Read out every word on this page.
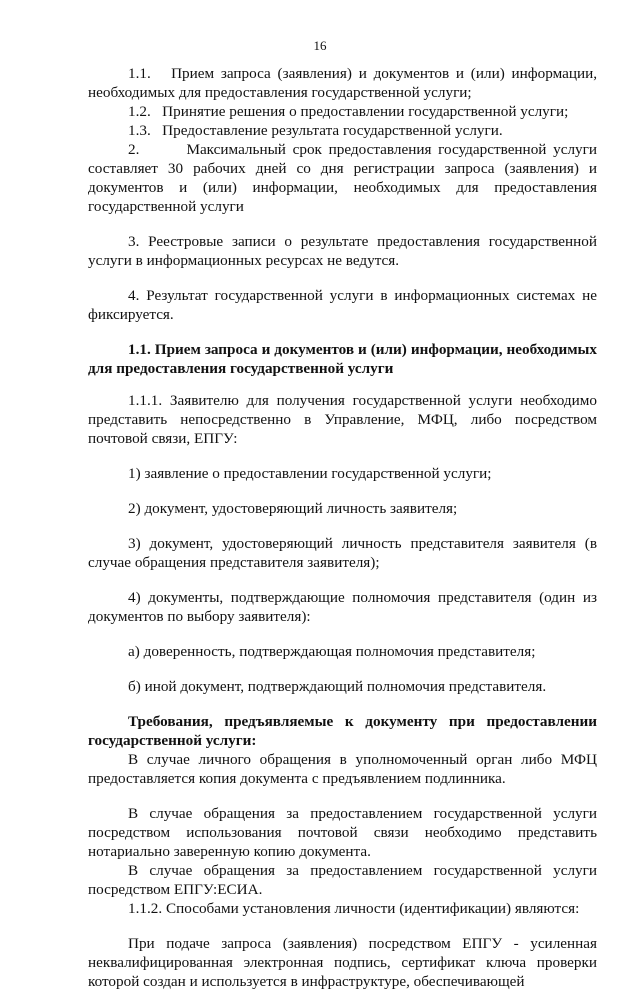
16

1.1.   Прием запроса (заявления) и документов и (или) информации, необходимых для предоставления государственной услуги;

1.2.   Принятие решения о предоставлении государственной услуги;

1.3.   Предоставление результата государственной услуги.

2.       Максимальный срок предоставления государственной услуги составляет 30 рабочих дней со дня регистрации запроса (заявления) и документов и (или) информации, необходимых для предоставления государственной услуги

3. Реестровые записи о результате предоставления государственной услуги в информационных ресурсах не ведутся.

4. Результат государственной услуги в информационных системах не фиксируется.

1.1. Прием запроса и документов и (или) информации, необходимых для предоставления государственной услуги

1.1.1. Заявителю для получения государственной услуги необходимо представить непосредственно в Управление, МФЦ, либо посредством почтовой связи, ЕПГУ:

1) заявление о предоставлении государственной услуги;

2) документ, удостоверяющий личность заявителя;

3) документ, удостоверяющий личность представителя заявителя (в случае обращения представителя заявителя);

4) документы, подтверждающие полномочия представителя (один из документов по выбору заявителя):

а) доверенность, подтверждающая полномочия представителя;

б) иной документ, подтверждающий полномочия представителя.

Требования, предъявляемые к документу при предоставлении государственной услуги:

В случае личного обращения в уполномоченный орган либо МФЦ предоставляется копия документа с предъявлением подлинника.

В случае обращения за предоставлением государственной услуги посредством использования почтовой связи необходимо представить нотариально заверенную копию документа.

В случае обращения за предоставлением государственной услуги посредством ЕПГУ:ЕСИА.

1.1.2. Способами установления личности (идентификации) являются:

При подаче запроса (заявления) посредством ЕПГУ - усиленная неквалифицированная электронная подпись, сертификат ключа проверки которой создан и используется в инфраструктуре, обеспечивающей
